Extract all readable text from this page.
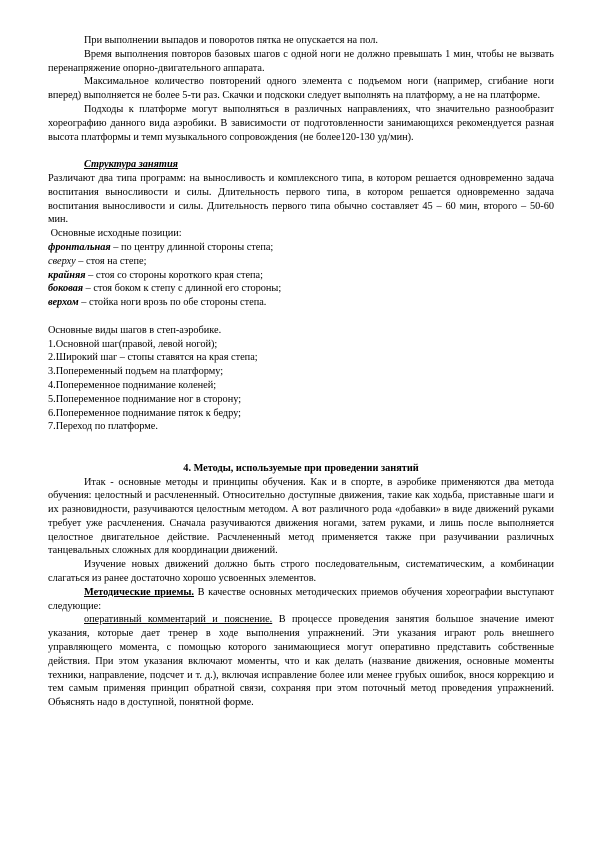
При выполнении выпадов и поворотов пятка не опускается на пол.

Время выполнения повторов базовых шагов с одной ноги не должно превышать 1 мин, чтобы не вызвать перенапряжение опорно-двигательного аппарата.

Максимальное количество повторений одного элемента с подъемом ноги (например, сгибание ноги вперед) выполняется не более 5-ти раз. Скачки и подскоки следует выполнять на платформу, а не на платформе.

Подходы к платформе могут выполняться в различных направлениях, что значительно разнообразит хореографию данного вида аэробики. В зависимости от подготовленности занимающихся рекомендуется разная высота платформы и темп музыкального сопровождения (не более120-130 уд/мин).

Структура занятия

Различают два типа программ: на выносливость и комплексного типа, в котором решается одновременно задача воспитания выносливости и силы. Длительность первого типа, в котором решается одновременно задача воспитания выносливости и силы. Длительность первого типа обычно составляет 45 – 60 мин, второго – 50-60 мин.

Основные исходные позиции:

фронтальная – по центру длинной стороны степа;
сверху – стоя на степе;
крайняя – стоя со стороны короткого края степа;
боковая – стоя боком к степу с длинной его стороны;
верхом – стойка ноги врозь по обе стороны степа.

Основные виды шагов в степ-аэробике.

1.Основной шаг(правой, левой ногой);
2.Широкий шаг – стопы ставятся на края степа;
3.Попеременный подъем на платформу;
4.Попеременное поднимание коленей;
5.Попеременное поднимание ног в сторону;
6.Попеременное поднимание пяток к бедру;
7.Переход по платформе.

4. Методы, используемые при проведении занятий

Итак - основные методы и принципы обучения. Как и в спорте, в аэробике применяются два метода обучения: целостный и расчлененный. Относительно доступные движения, такие как ходьба, приставные шаги и их разновидности, разучиваются целостным методом. А вот различного рода «добавки» в виде движений руками требует уже расчленения. Сначала разучиваются движения ногами, затем руками, и лишь после выполняется целостное двигательное действие. Расчлененный метод применяется также при разучивании различных танцевальных сложных для координации движений.

Изучение новых движений должно быть строго последовательным, систематическим, а комбинации слагаться из ранее достаточно хорошо усвоенных элементов.

Методические приемы. В качестве основных методических приемов обучения хореографии выступают следующие:

оперативный комментарий и пояснение. В процессе проведения занятия большое значение имеют указания, которые дает тренер в ходе выполнения упражнений. Эти указания играют роль внешнего управляющего момента, с помощью которого занимающиеся могут оперативно представить собственные действия. При этом указания включают моменты, что и как делать (название движения, основные моменты техники, направление, подсчет и т. д.), включая исправление более или менее грубых ошибок, внося коррекцию и тем самым применяя принцип обратной связи, сохраняя при этом поточный метод проведения упражнений. Объяснять надо в доступной, понятной форме.
